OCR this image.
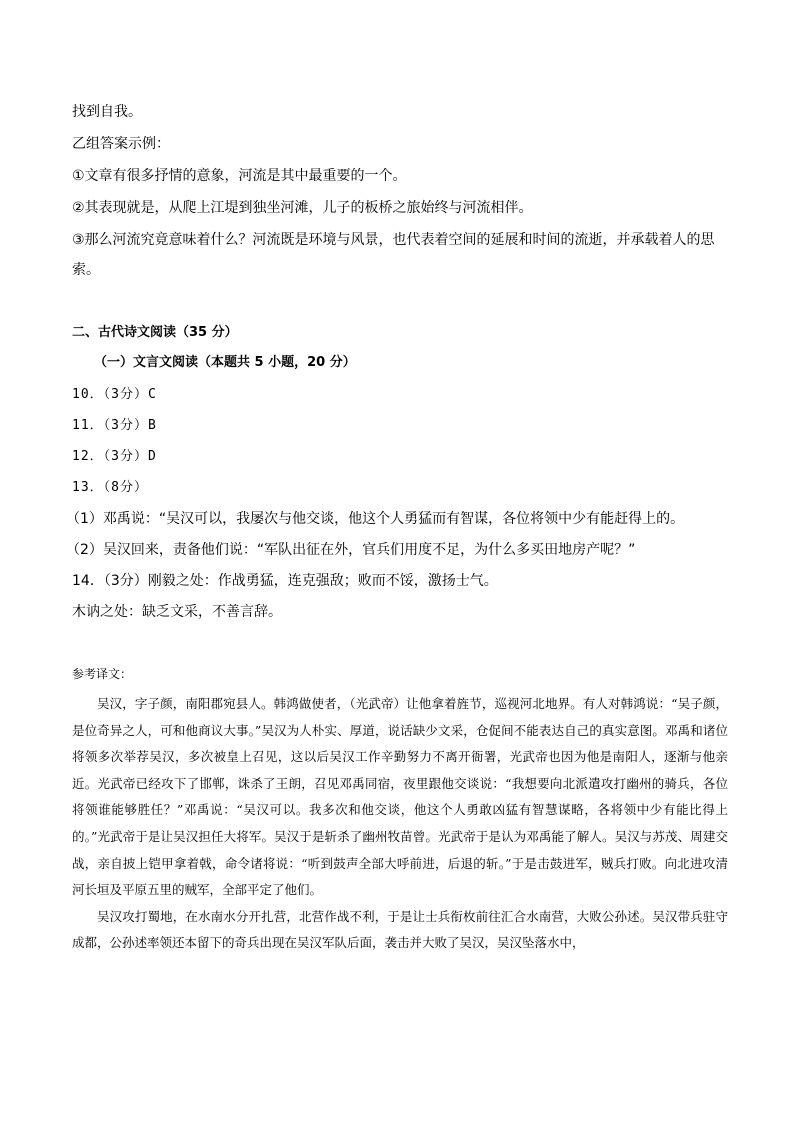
找到自我。
乙组答案示例：
①文章有很多抒情的意象，河流是其中最重要的一个。
②其表现就是，从爬上江堤到独坐河滩，儿子的板桥之旅始终与河流相伴。
③那么河流究竟意味着什么？河流既是环境与风景，也代表着空间的延展和时间的流逝，并承载着人的思
索。
二、古代诗文阅读（35 分）
（一）文言文阅读（本题共 5 小题，20 分）
10．（3分）C
11．（3分）B
12．（3分）D
13．（8分）
（1）邓禹说：“吴汉可以，我屡次与他交谈，他这个人勇猛而有智谋，各位将领中少有能赶得上的。
（2）吴汉回来，责备他们说：“军队出征在外，官兵们用度不足，为什么多买田地房产呢？”
14．（3分）刚毅之处：作战勇猛，连克强敌；败而不馁，激扬士气。
木讷之处：缺乏文采，不善言辞。
参考译文：

吴汉，字子颜，南阳郡宛县人。韩鸿做使者，（光武帝）让他拿着旌节，巡视河北地界。有人对韩鸿说：“吴子颜，是位奇异之人，可和他商议大事。”吴汉为人朴实、厚道，说话缺少文采，仓促间不能表达自己的真实意图。邓禹和诸位将领多次举荐吴汉，多次被皇上召见，这以后吴汉工作辛勤努力不离开衙署，光武帝也因为他是南阳人，逐渐与他亲近。光武帝已经攻下了邯郸，诛杀了王朗，召见邓禹同宿，夜里跟他交谈说：“我想要向北派遣攻打幽州的骑兵，各位将领谁能够胜任？”邓禹说：“吴汉可以。我多次和他交谈，他这个人勇敢凶猛有智慧谋略，各将领中少有能比得上的。”光武帝于是让吴汉担任大将军。吴汉于是斩杀了幽州牧苗曾。光武帝于是认为邓禹能了解人。吴汉与苏茂、周建交战，亲自披上铠甲拿着戟，命令诸将说：“听到鼓声全部大呼前进，后退的斩。”于是击鼓进军，贼兵打败。向北进攻清河长垣及平原五里的贼军，全部平定了他们。

吴汉攻打蜀地，在水南水分开扎营，北营作战不利，于是让士兵衔枚前往汇合水南营，大败公孙述。吴汉带兵驻守成都，公孙述率领还本留下的奇兵出现在吴汉军队后面，袭击并大败了吴汉，吴汉坠落水中，
